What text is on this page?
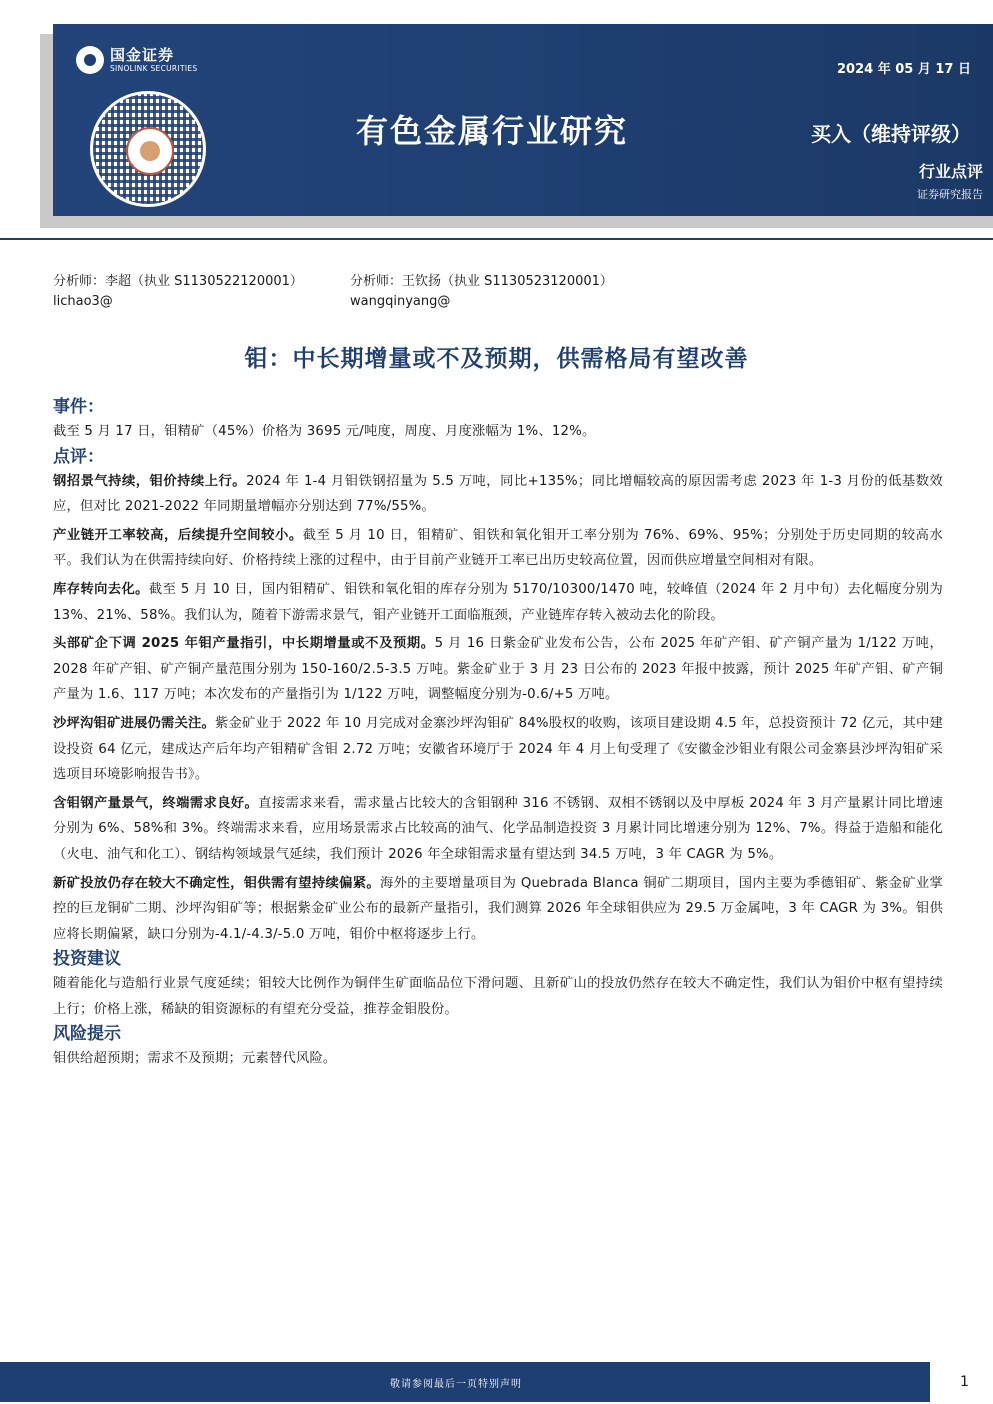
国金证券
SINOLINK SECURITIES	2024 年 05 月 17 日
有色金属行业研究	买入（维持评级）
行业点评
证券研究报告
分析师：李超（执业 S1130522120001）
lichao3@
分析师：王钦扬（执业 S1130523120001）
wangqinyang@
钼：中长期增量或不及预期，供需格局有望改善
事件：

截至 5 月 17 日，钼精矿（45%）价格为 3695 元/吨度，周度、月度涨幅为 1%、12%。

点评：

钢招景气持续，钼价持续上行。2024 年 1-4 月钼铁钢招量为 5.5 万吨，同比+135%；同比增幅较高的原因需考虑 2023 年 1-3 月份的低基数效应，但对比 2021-2022 年同期量增幅亦分别达到 77%/55%。

产业链开工率较高，后续提升空间较小。截至 5 月 10 日，钼精矿、钼铁和氧化钼开工率分别为 76%、69%、95%；分别处于历史同期的较高水平。我们认为在供需持续向好、价格持续上涨的过程中，由于目前产业链开工率已出历史较高位置，因而供应增量空间相对有限。

库存转向去化。截至 5 月 10 日，国内钼精矿、钼铁和氧化钼的库存分别为 5170/10300/1470 吨，较峰值（2024 年 2 月中旬）去化幅度分别为 13%、21%、58%。我们认为，随着下游需求景气，钼产业链开工面临瓶颈，产业链库存转入被动去化的阶段。

头部矿企下调 2025 年钼产量指引，中长期增量或不及预期。5 月 16 日紫金矿业发布公告，公布 2025 年矿产钼、矿产铜产量为 1/122 万吨，2028 年矿产钼、矿产铜产量范围分别为 150-160/2.5-3.5 万吨。紫金矿业于 3 月 23 日公布的 2023 年报中披露，预计 2025 年矿产钼、矿产铜产量为 1.6、117 万吨；本次发布的产量指引为 1/122 万吨，调整幅度分别为-0.6/+5 万吨。

沙坪沟钼矿进展仍需关注。紫金矿业于 2022 年 10 月完成对金寨沙坪沟钼矿 84%股权的收购，该项目建设期 4.5 年，总投资预计 72 亿元，其中建设投资 64 亿元，建成达产后年均产钼精矿含钼 2.72 万吨；安徽省环境厅于 2024 年 4 月上旬受理了《安徽金沙钼业有限公司金寨县沙坪沟钼矿采选项目环境影响报告书》。

含钼钢产量景气，终端需求良好。直接需求来看，需求量占比较大的含钼钢种 316 不锈钢、双相不锈钢以及中厚板 2024 年 3 月产量累计同比增速分别为 6%、58%和 3%。终端需求来看，应用场景需求占比较高的油气、化学品制造投资 3 月累计同比增速分别为 12%、7%。得益于造船和能化（火电、油气和化工）、钢结构领域景气延续，我们预计 2026 年全球钼需求量有望达到 34.5 万吨，3 年 CAGR 为 5%。

新矿投放仍存在较大不确定性，钼供需有望持续偏紧。海外的主要增量项目为 Quebrada Blanca 铜矿二期项目，国内主要为季德钼矿、紫金矿业掌控的巨龙铜矿二期、沙坪沟钼矿等；根据紫金矿业公布的最新产量指引，我们测算 2026 年全球钼供应为 29.5 万金属吨，3 年 CAGR 为 3%。钼供应将长期偏紧，缺口分别为-4.1/-4.3/-5.0 万吨，钼价中枢将逐步上行。

投资建议

随着能化与造船行业景气度延续；钼较大比例作为铜伴生矿面临品位下滑问题、且新矿山的投放仍然存在较大不确定性，我们认为钼价中枢有望持续上行；价格上涨，稀缺的钼资源标的有望充分受益，推荐金钼股份。

风险提示

钼供给超预期；需求不及预期；元素替代风险。

敬请参阅最后一页特别声明	1
